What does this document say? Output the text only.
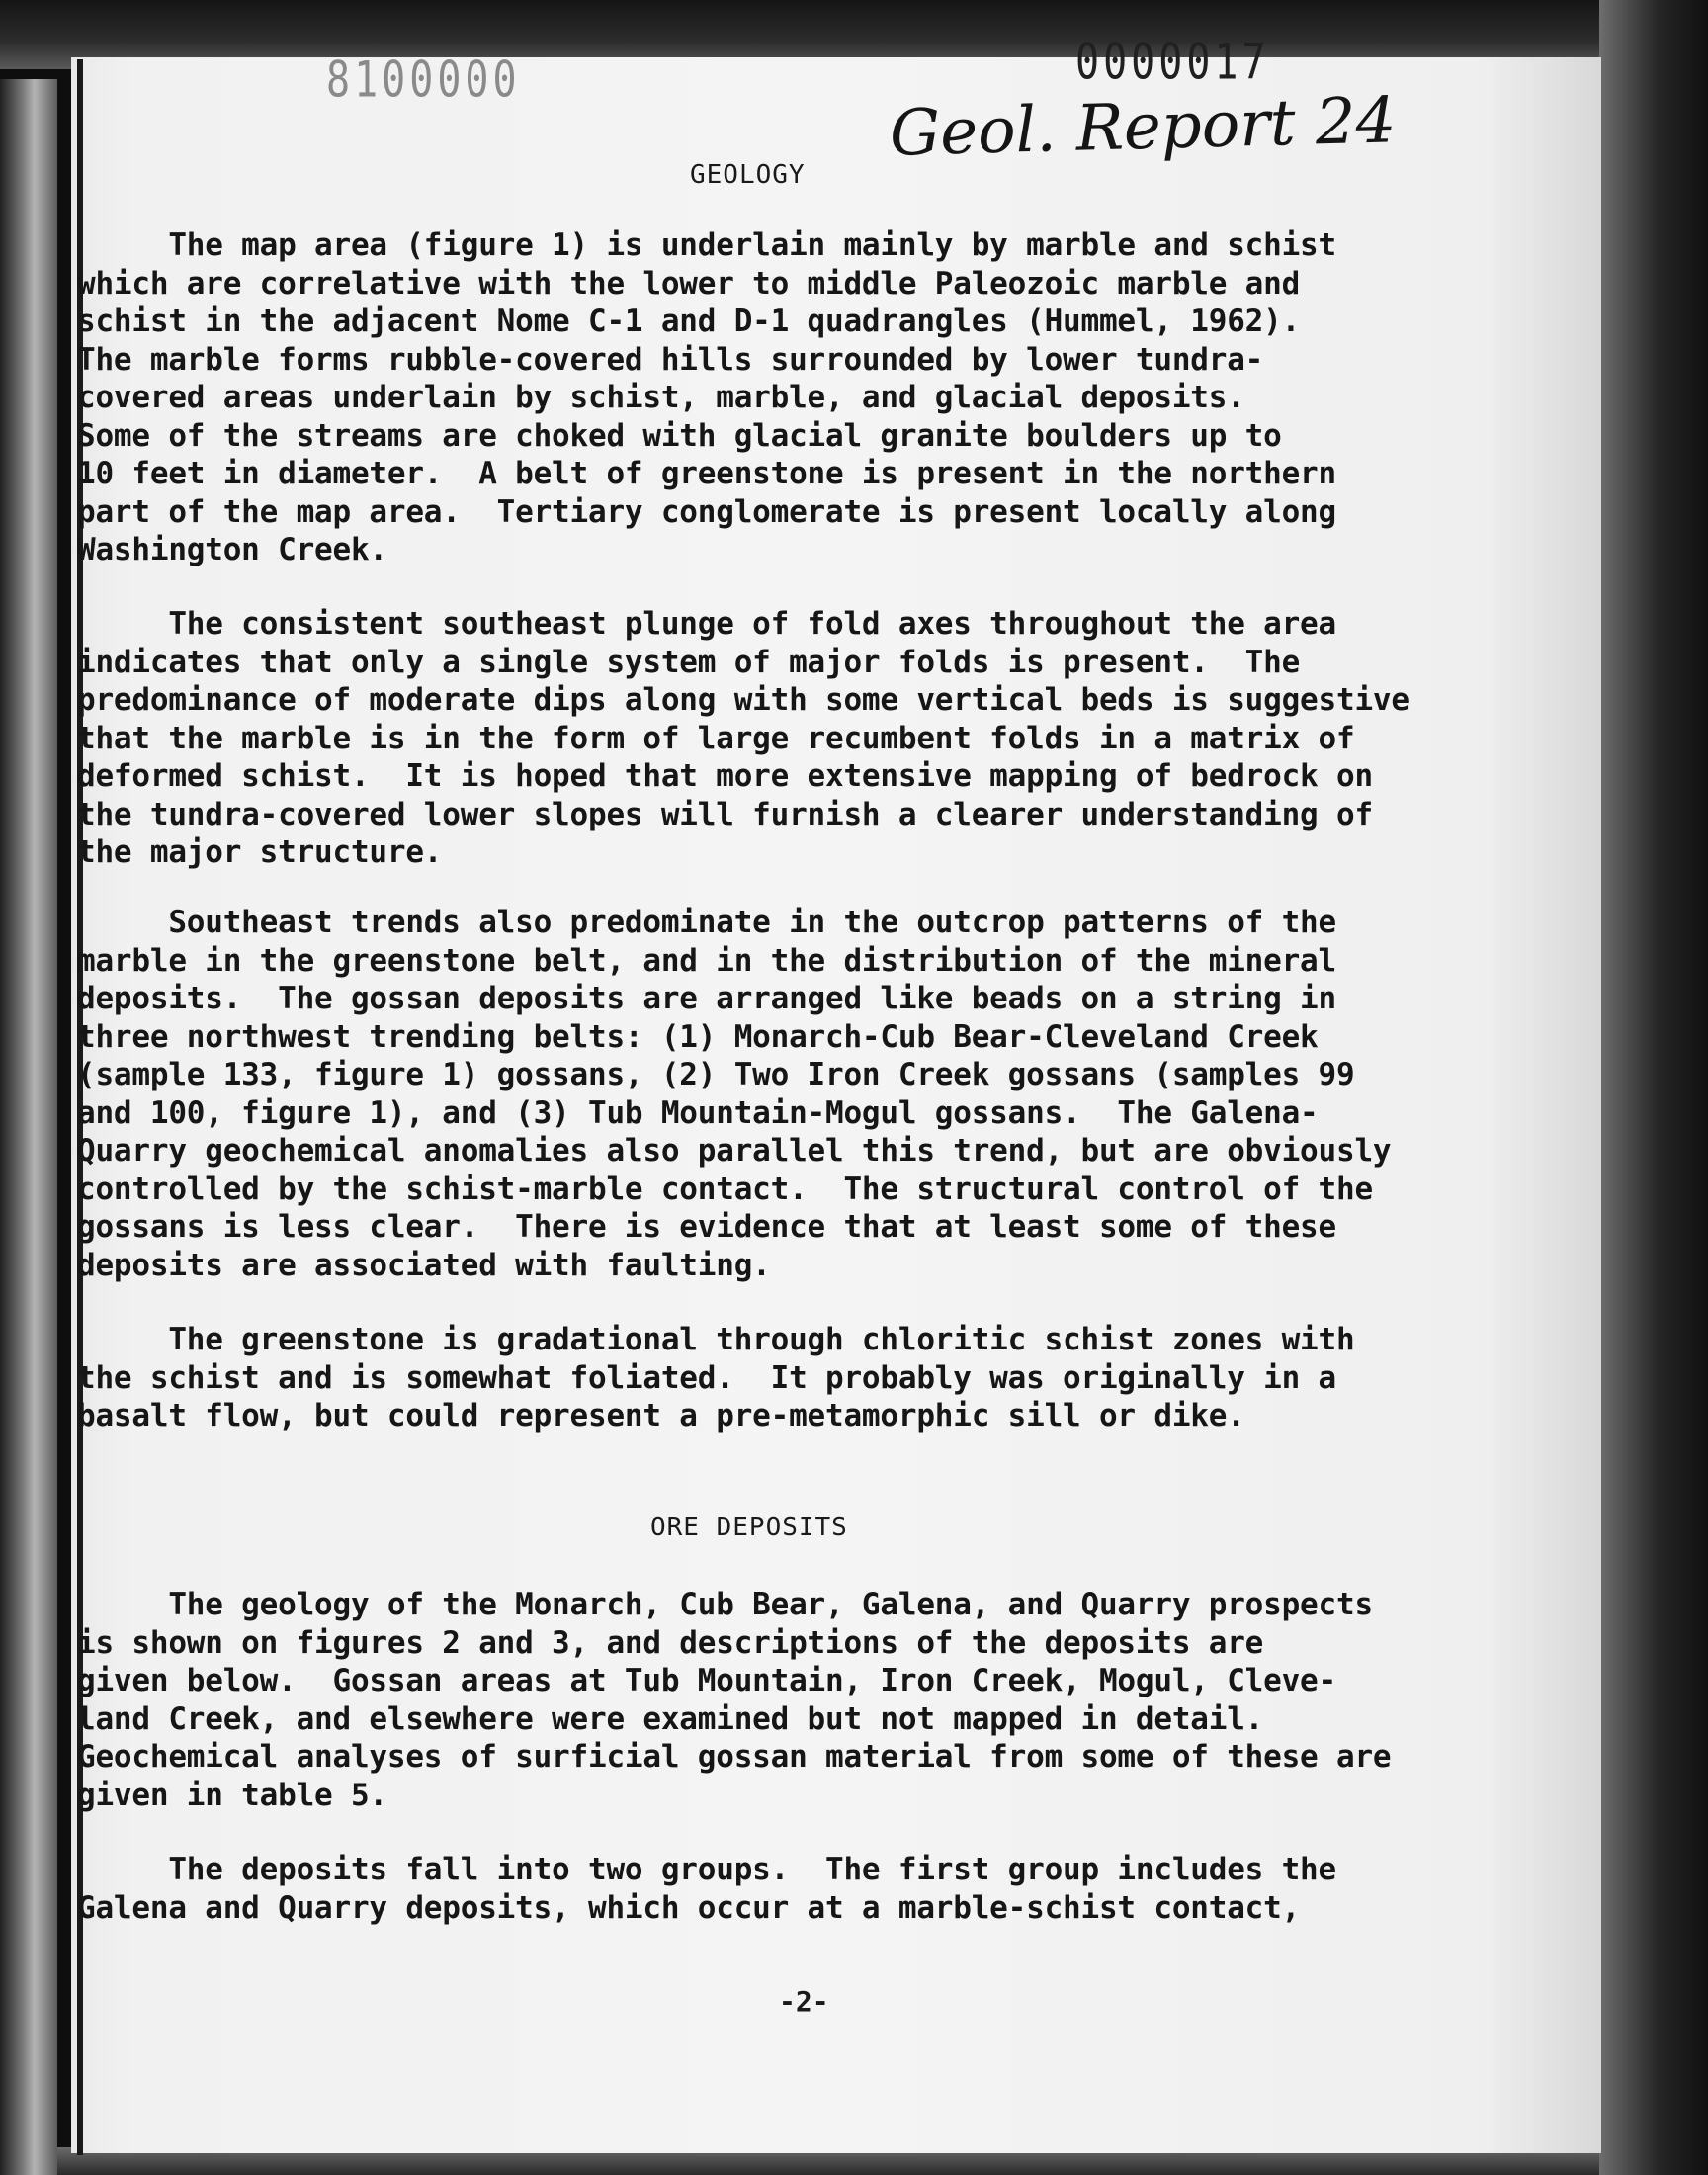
8100000	0000017
Geol. Report 24
GEOLOGY
The map area (figure 1) is underlain mainly by marble and schist
which are correlative with the lower to middle Paleozoic marble and
schist in the adjacent Nome C-1 and D-1 quadrangles (Hummel, 1962).
The marble forms rubble-covered hills surrounded by lower tundra-
covered areas underlain by schist, marble, and glacial deposits.
Some of the streams are choked with glacial granite boulders up to
10 feet in diameter.  A belt of greenstone is present in the northern
part of the map area.  Tertiary conglomerate is present locally along
Washington Creek.
The consistent southeast plunge of fold axes throughout the area
indicates that only a single system of major folds is present.  The
predominance of moderate dips along with some vertical beds is suggestive
that the marble is in the form of large recumbent folds in a matrix of
deformed schist.  It is hoped that more extensive mapping of bedrock on
the tundra-covered lower slopes will furnish a clearer understanding of
the major structure.
Southeast trends also predominate in the outcrop patterns of the
marble in the greenstone belt, and in the distribution of the mineral
deposits.  The gossan deposits are arranged like beads on a string in
three northwest trending belts: (1) Monarch-Cub Bear-Cleveland Creek
(sample 133, figure 1) gossans, (2) Two Iron Creek gossans (samples 99
and 100, figure 1), and (3) Tub Mountain-Mogul gossans.  The Galena-
Quarry geochemical anomalies also parallel this trend, but are obviously
controlled by the schist-marble contact.  The structural control of the
gossans is less clear.  There is evidence that at least some of these
deposits are associated with faulting.
The greenstone is gradational through chloritic schist zones with
the schist and is somewhat foliated.  It probably was originally in a
basalt flow, but could represent a pre-metamorphic sill or dike.
ORE DEPOSITS
The geology of the Monarch, Cub Bear, Galena, and Quarry prospects
is shown on figures 2 and 3, and descriptions of the deposits are
given below.  Gossan areas at Tub Mountain, Iron Creek, Mogul, Cleve-
land Creek, and elsewhere were examined but not mapped in detail.
Geochemical analyses of surficial gossan material from some of these are
given in table 5.
The deposits fall into two groups.  The first group includes the
Galena and Quarry deposits, which occur at a marble-schist contact,
-2-
